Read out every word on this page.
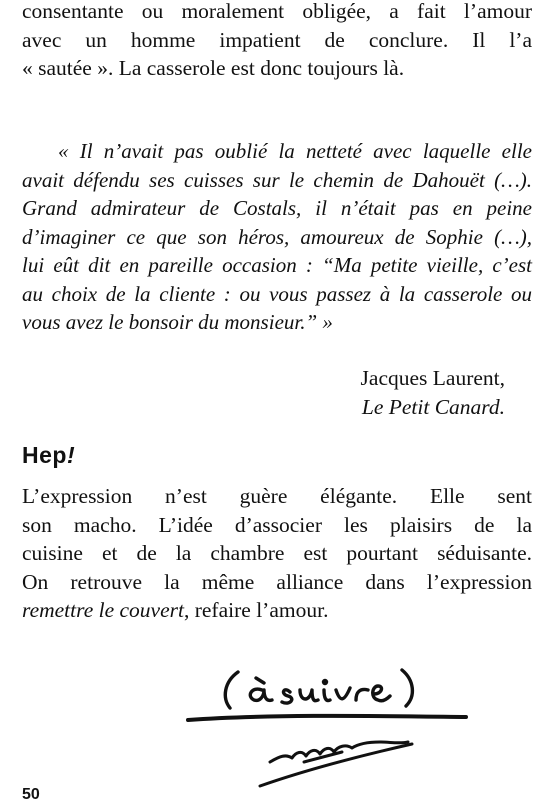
consentante ou moralement obligée, a fait l’amour
avec un homme impatient de conclure. Il l’a
« sautée ». La casserole est donc toujours là.
« Il n’avait pas oublié la netteté avec laquelle elle
avait défendu ses cuisses sur le chemin de Dahouët (…).
Grand admirateur de Costals, il n’était pas en peine
d’imaginer ce que son héros, amoureux de Sophie (…),
lui eût dit en pareille occasion : “Ma petite vieille, c’est
au choix de la cliente : ou vous passez à la casserole ou
vous avez le bonsoir du monsieur.” »
Jacques Laurent,
Le Petit Canard.
Hep!
L’expression n’est guère élégante. Elle sent
son macho. L’idée d’associer les plaisirs de la
cuisine et de la chambre est pourtant séduisante.
On retrouve la même alliance dans l’expression
remettre le couvert, refaire l’amour.
50
